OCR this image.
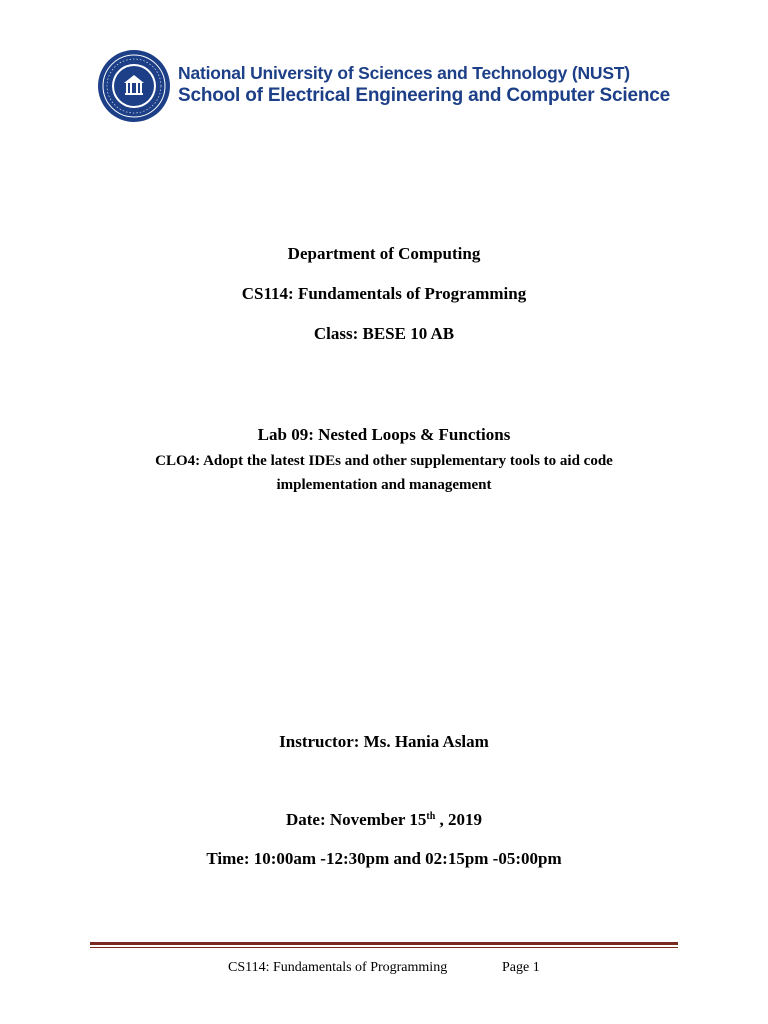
National University of Sciences and Technology (NUST)
School of Electrical Engineering and Computer Science
Department of Computing
CS114: Fundamentals of Programming
Class: BESE 10 AB
Lab 09: Nested Loops & Functions
CLO4: Adopt the latest IDEs and other supplementary tools to aid code
implementation and management
Instructor: Ms. Hania Aslam
Date: November 15th , 2019
Time: 10:00am -12:30pm and 02:15pm -05:00pm
CS114: Fundamentals of Programming	Page 1
